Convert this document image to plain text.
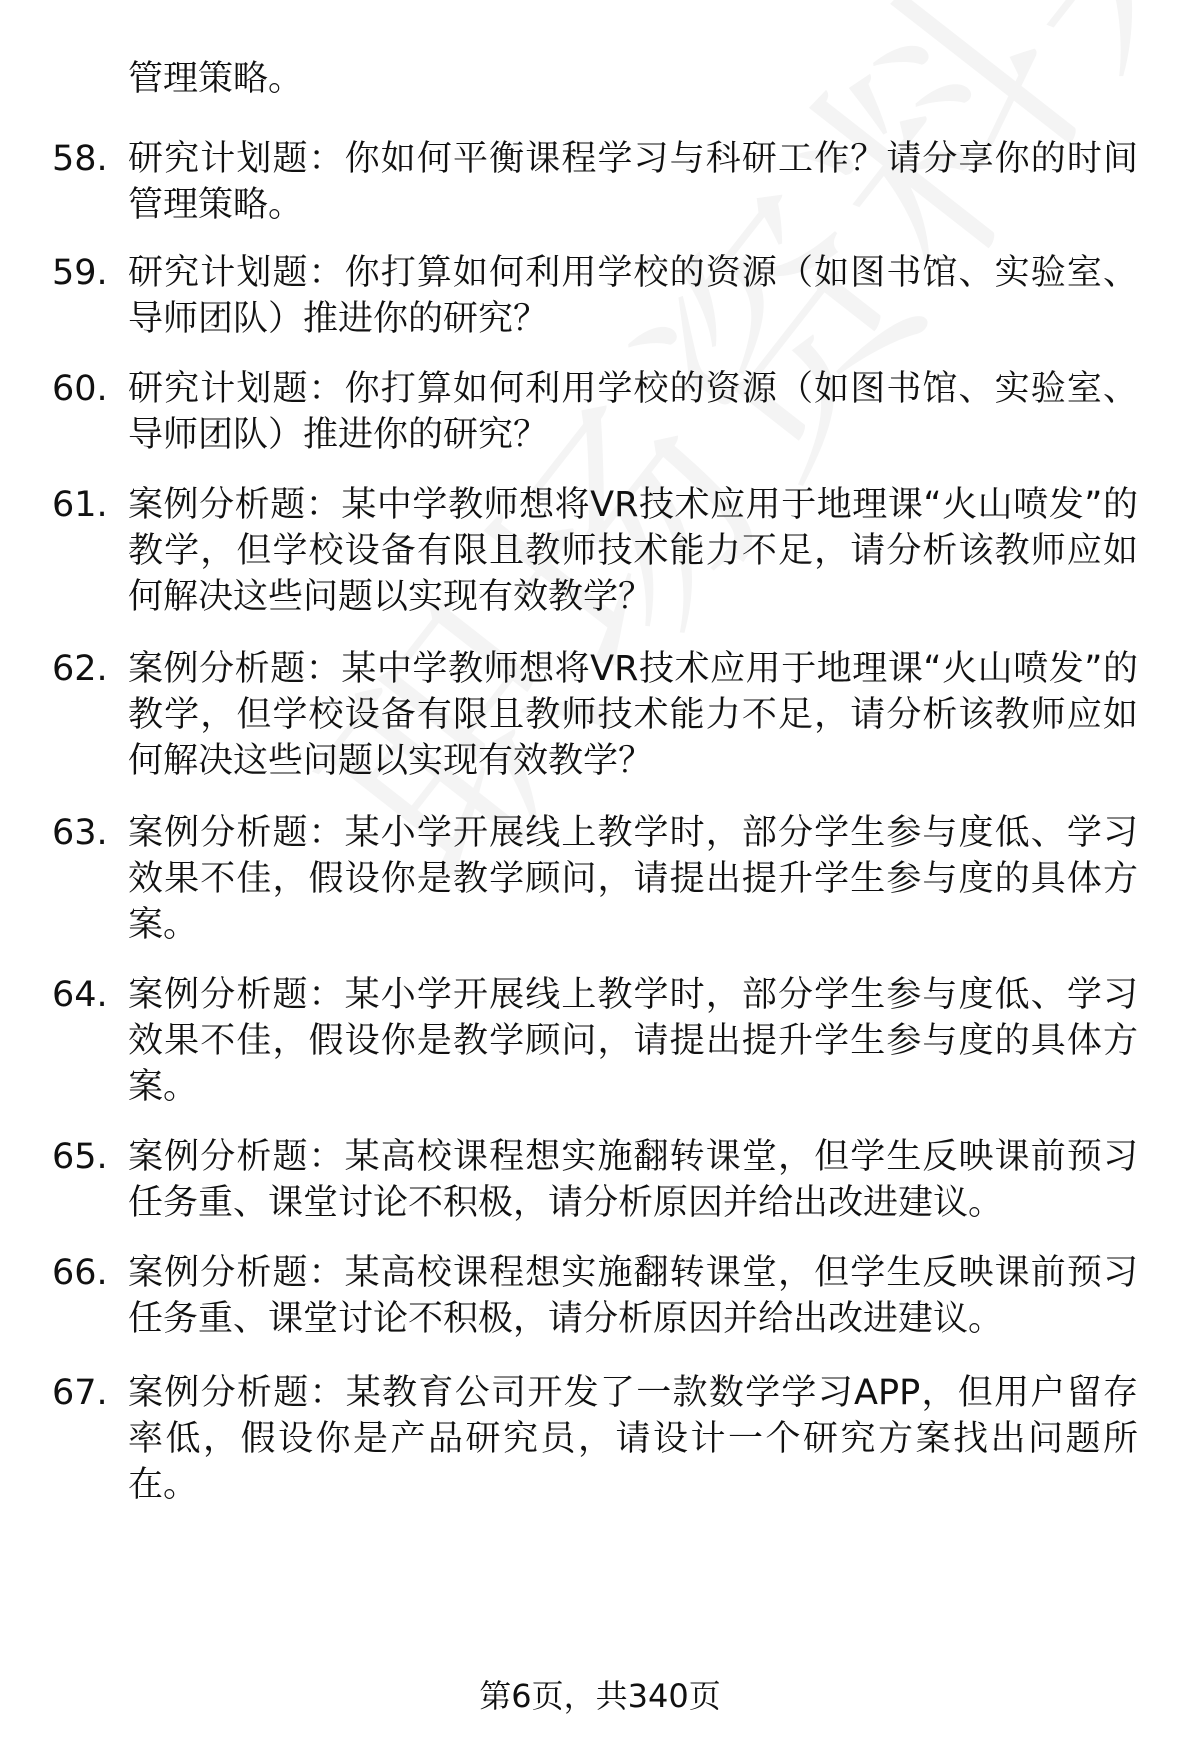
管理策略。

58. 研究计划题：你如何平衡课程学习与科研工作？请分享你的时间管理策略。
59. 研究计划题：你打算如何利用学校的资源（如图书馆、实验室、导师团队）推进你的研究？
60. 研究计划题：你打算如何利用学校的资源（如图书馆、实验室、导师团队）推进你的研究？
61. 案例分析题：某中学教师想将VR技术应用于地理课“火山喷发”的教学，但学校设备有限且教师技术能力不足，请分析该教师应如何解决这些问题以实现有效教学？
62. 案例分析题：某中学教师想将VR技术应用于地理课“火山喷发”的教学，但学校设备有限且教师技术能力不足，请分析该教师应如何解决这些问题以实现有效教学？
63. 案例分析题：某小学开展线上教学时，部分学生参与度低、学习效果不佳，假设你是教学顾问，请提出提升学生参与度的具体方案。
64. 案例分析题：某小学开展线上教学时，部分学生参与度低、学习效果不佳，假设你是教学顾问，请提出提升学生参与度的具体方案。
65. 案例分析题：某高校课程想实施翻转课堂，但学生反映课前预习任务重、课堂讨论不积极，请分析原因并给出改进建议。
66. 案例分析题：某高校课程想实施翻转课堂，但学生反映课前预习任务重、课堂讨论不积极，请分析原因并给出改进建议。
67. 案例分析题：某教育公司开发了一款数学学习APP，但用户留存率低，假设你是产品研究员，请设计一个研究方案找出问题所在。
第6页，共340页
